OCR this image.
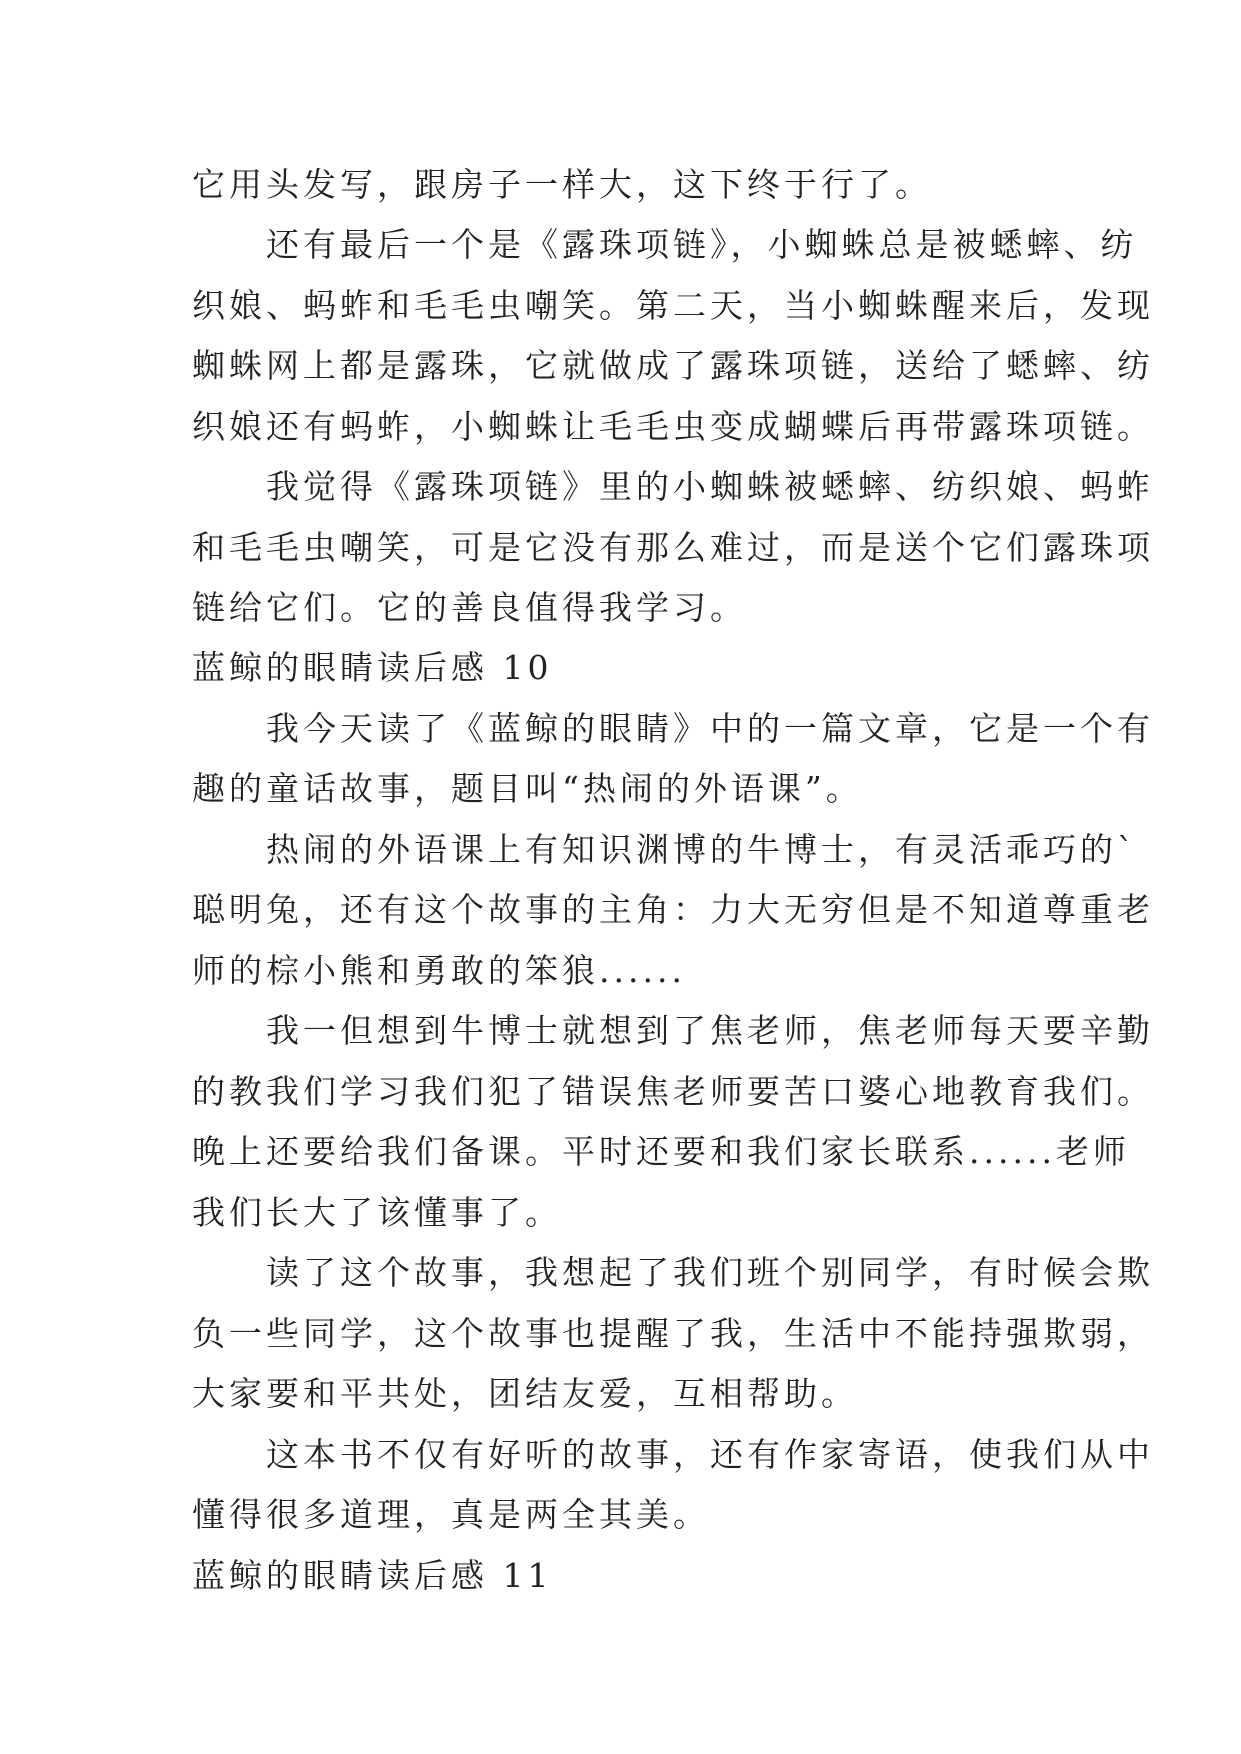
它用头发写，跟房子一样大，这下终于行了。
　　还有最后一个是《露珠项链》，小蜘蛛总是被蟋蟀、纺
织娘、蚂蚱和毛毛虫嘲笑。第二天，当小蜘蛛醒来后，发现
蜘蛛网上都是露珠，它就做成了露珠项链，送给了蟋蟀、纺
织娘还有蚂蚱，小蜘蛛让毛毛虫变成蝴蝶后再带露珠项链。
　　我觉得《露珠项链》里的小蜘蛛被蟋蟀、纺织娘、蚂蚱
和毛毛虫嘲笑，可是它没有那么难过，而是送个它们露珠项
链给它们。它的善良值得我学习。
蓝鲸的眼睛读后感 10
　　我今天读了《蓝鲸的眼睛》中的一篇文章，它是一个有
趣的童话故事，题目叫“热闹的外语课”。
　　热闹的外语课上有知识渊博的牛博士，有灵活乖巧的`
聪明兔，还有这个故事的主角：力大无穷但是不知道尊重老
师的棕小熊和勇敢的笨狼......
　　我一但想到牛博士就想到了焦老师，焦老师每天要辛勤
的教我们学习我们犯了错误焦老师要苦口婆心地教育我们。
晚上还要给我们备课。平时还要和我们家长联系......老师
我们长大了该懂事了。
　　读了这个故事，我想起了我们班个别同学，有时候会欺
负一些同学，这个故事也提醒了我，生活中不能持强欺弱，
大家要和平共处，团结友爱，互相帮助。
　　这本书不仅有好听的故事，还有作家寄语，使我们从中
懂得很多道理，真是两全其美。
蓝鲸的眼睛读后感 11
